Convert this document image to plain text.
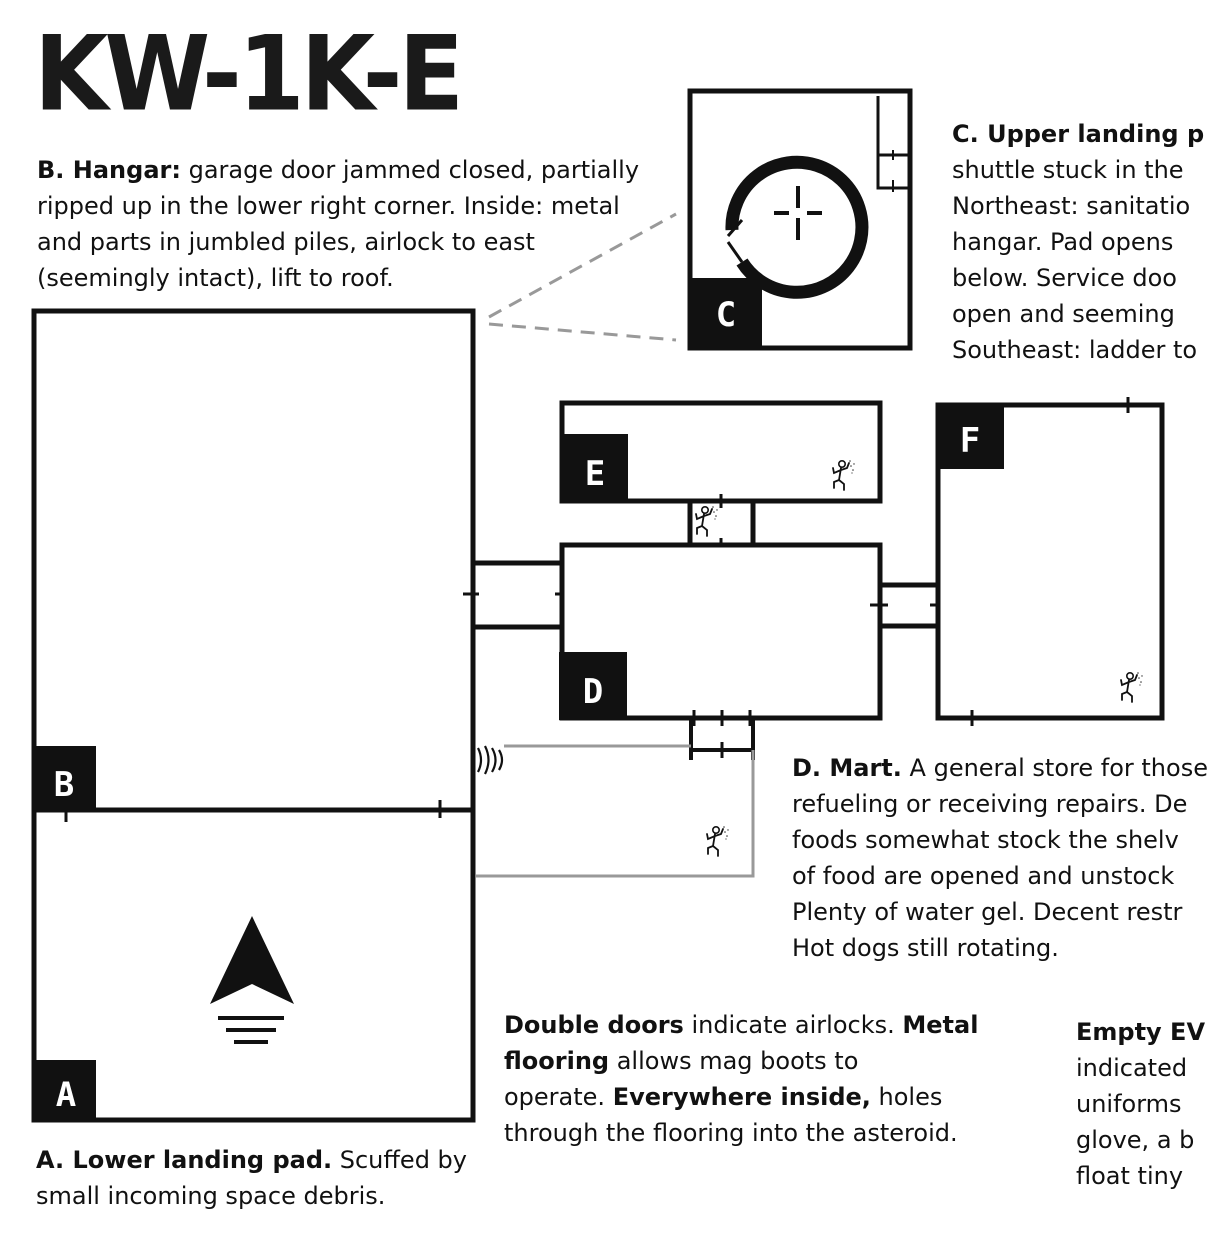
KW-1K-E
B. Hangar: garage door jammed closed, partially
ripped up in the lower right corner. Inside: metal
and parts in jumbled piles, airlock to east
(seemingly intact), lift to roof.
C. Upper landing p
shuttle stuck in the
Northeast: sanitatio
hangar. Pad opens
below. Service doo
open and seeming
Southeast: ladder to
D. Mart. A general store for those
refueling or receiving repairs. De
foods somewhat stock the shelv
of food are opened and unstock
Plenty of water gel. Decent restr
Hot dogs still rotating.
Double doors indicate airlocks. Metal
flooring allows mag boots to
operate. Everywhere inside, holes
through the flooring into the asteroid.
Empty EV
indicated
uniforms
glove, a b
float tiny
A. Lower landing pad. Scuffed by
small incoming space debris.
C
B
A
E
D
F
